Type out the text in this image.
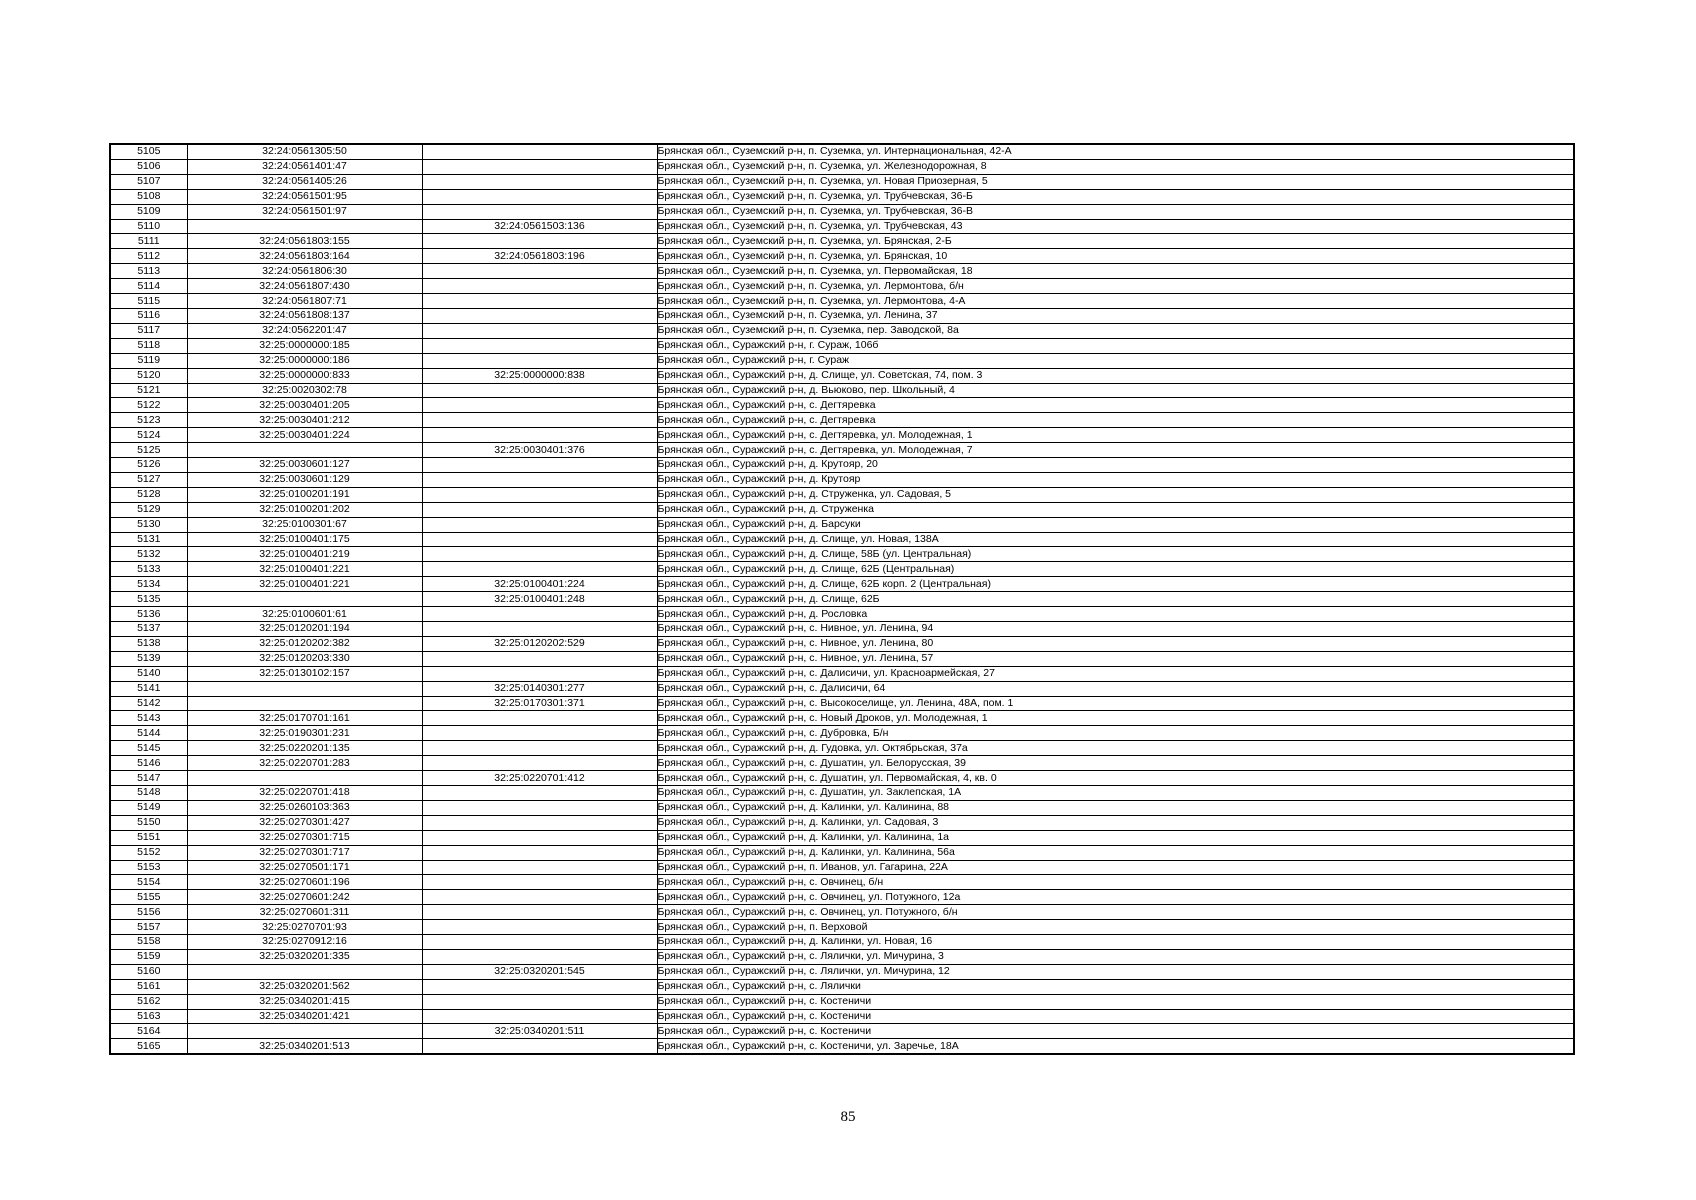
5105	32:24:0561305:50		Брянская обл., Суземский р-н, п. Суземка, ул. Интернациональная, 42-А
5106	32:24:0561401:47		Брянская обл., Суземский р-н, п. Суземка, ул. Железнодорожная, 8
5107	32:24:0561405:26		Брянская обл., Суземский р-н, п. Суземка, ул. Новая Приозерная, 5
5108	32:24:0561501:95		Брянская обл., Суземский р-н, п. Суземка, ул. Трубчевская, 36-Б
5109	32:24:0561501:97		Брянская обл., Суземский р-н, п. Суземка, ул. Трубчевская, 36-В
5110		32:24:0561503:136	Брянская обл., Суземский р-н, п. Суземка, ул. Трубчевская, 43
5111	32:24:0561803:155		Брянская обл., Суземский р-н, п. Суземка, ул. Брянская, 2-Б
5112	32:24:0561803:164	32:24:0561803:196	Брянская обл., Суземский р-н, п. Суземка, ул. Брянская, 10
5113	32:24:0561806:30		Брянская обл., Суземский р-н, п. Суземка, ул. Первомайская, 18
5114	32:24:0561807:430		Брянская обл., Суземский р-н, п. Суземка, ул. Лермонтова, б/н
5115	32:24:0561807:71		Брянская обл., Суземский р-н, п. Суземка, ул. Лермонтова, 4-А
5116	32:24:0561808:137		Брянская обл., Суземский р-н, п. Суземка, ул. Ленина, 37
5117	32:24:0562201:47		Брянская обл., Суземский р-н, п. Суземка, пер. Заводской, 8а
5118	32:25:0000000:185		Брянская обл., Суражский р-н, г. Сураж, 106б
5119	32:25:0000000:186		Брянская обл., Суражский р-н, г. Сураж
5120	32:25:0000000:833	32:25:0000000:838	Брянская обл., Суражский р-н, д. Слище, ул. Советская, 74, пом. 3
5121	32:25:0020302:78		Брянская обл., Суражский р-н, д. Вьюково, пер. Школьный, 4
5122	32:25:0030401:205		Брянская обл., Суражский р-н, с. Дегтяревка
5123	32:25:0030401:212		Брянская обл., Суражский р-н, с. Дегтяревка
5124	32:25:0030401:224		Брянская обл., Суражский р-н, с. Дегтяревка, ул. Молодежная, 1
5125		32:25:0030401:376	Брянская обл., Суражский р-н, с. Дегтяревка, ул. Молодежная, 7
5126	32:25:0030601:127		Брянская обл., Суражский р-н, д. Крутояр, 20
5127	32:25:0030601:129		Брянская обл., Суражский р-н, д. Крутояр
5128	32:25:0100201:191		Брянская обл., Суражский р-н, д. Струженка, ул. Садовая, 5
5129	32:25:0100201:202		Брянская обл., Суражский р-н, д. Струженка
5130	32:25:0100301:67		Брянская обл., Суражский р-н, д. Барсуки
5131	32:25:0100401:175		Брянская обл., Суражский р-н, д. Слище, ул. Новая, 138А
5132	32:25:0100401:219		Брянская обл., Суражский р-н, д. Слище, 58Б (ул. Центральная)
5133	32:25:0100401:221		Брянская обл., Суражский р-н, д. Слище, 62Б (Центральная)
5134	32:25:0100401:221	32:25:0100401:224	Брянская обл., Суражский р-н, д. Слище, 62Б корп. 2 (Центральная)
5135		32:25:0100401:248	Брянская обл., Суражский р-н, д. Слище, 62Б
5136	32:25:0100601:61		Брянская обл., Суражский р-н, д. Рословка
5137	32:25:0120201:194		Брянская обл., Суражский р-н, с. Нивное, ул. Ленина, 94
5138	32:25:0120202:382	32:25:0120202:529	Брянская обл., Суражский р-н, с. Нивное, ул. Ленина, 80
5139	32:25:0120203:330		Брянская обл., Суражский р-н, с. Нивное, ул. Ленина, 57
5140	32:25:0130102:157		Брянская обл., Суражский р-н, с. Далисичи, ул. Красноармейская, 27
5141		32:25:0140301:277	Брянская обл., Суражский р-н, с. Далисичи, 64
5142		32:25:0170301:371	Брянская обл., Суражский р-н, с. Высокоселище, ул. Ленина, 48А, пом. 1
5143	32:25:0170701:161		Брянская обл., Суражский р-н, с. Новый Дроков, ул. Молодежная, 1
5144	32:25:0190301:231		Брянская обл., Суражский р-н, с. Дубровка, Б/н
5145	32:25:0220201:135		Брянская обл., Суражский р-н, д. Гудовка, ул. Октябрьская, 37а
5146	32:25:0220701:283		Брянская обл., Суражский р-н, с. Душатин, ул. Белорусская, 39
5147		32:25:0220701:412	Брянская обл., Суражский р-н, с. Душатин, ул. Первомайская, 4, кв. 0
5148	32:25:0220701:418		Брянская обл., Суражский р-н, с. Душатин, ул. Заклепская, 1А
5149	32:25:0260103:363		Брянская обл., Суражский р-н, д. Калинки, ул. Калинина, 88
5150	32:25:0270301:427		Брянская обл., Суражский р-н, д. Калинки, ул. Садовая, 3
5151	32:25:0270301:715		Брянская обл., Суражский р-н, д. Калинки, ул. Калинина, 1а
5152	32:25:0270301:717		Брянская обл., Суражский р-н, д. Калинки, ул. Калинина, 56а
5153	32:25:0270501:171		Брянская обл., Суражский р-н, п. Иванов, ул. Гагарина, 22А
5154	32:25:0270601:196		Брянская обл., Суражский р-н, с. Овчинец, б/н
5155	32:25:0270601:242		Брянская обл., Суражский р-н, с. Овчинец, ул. Потужного, 12а
5156	32:25:0270601:311		Брянская обл., Суражский р-н, с. Овчинец, ул. Потужного, б/н
5157	32:25:0270701:93		Брянская обл., Суражский р-н, п. Верховой
5158	32:25:0270912:16		Брянская обл., Суражский р-н, д. Калинки, ул. Новая, 16
5159	32:25:0320201:335		Брянская обл., Суражский р-н, с. Лялички, ул. Мичурина, 3
5160		32:25:0320201:545	Брянская обл., Суражский р-н, с. Лялички, ул. Мичурина, 12
5161	32:25:0320201:562		Брянская обл., Суражский р-н, с. Лялички
5162	32:25:0340201:415		Брянская обл., Суражский р-н, с. Костеничи
5163	32:25:0340201:421		Брянская обл., Суражский р-н, с. Костеничи
5164		32:25:0340201:511	Брянская обл., Суражский р-н, с. Костеничи
5165	32:25:0340201:513		Брянская обл., Суражский р-н, с. Костеничи, ул. Заречье, 18А
85
